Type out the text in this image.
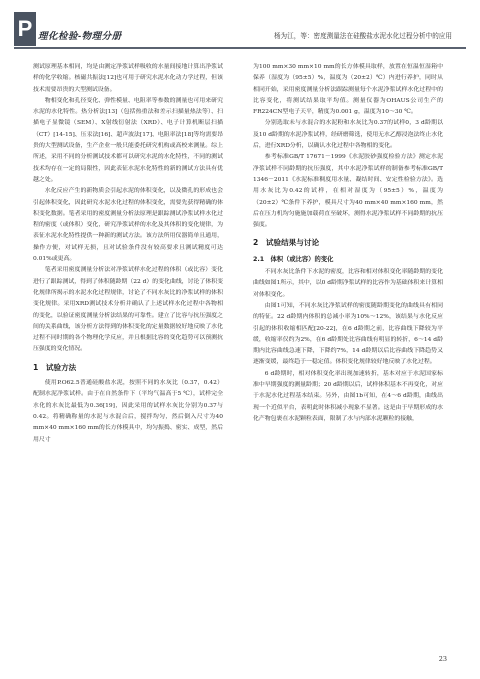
P 理化检验-物理分册	杨为江，等：密度测量法在硅酸盐水泥水化过程分析中的应用

测试原理基本相同，均是由测定净浆试样吸收的水量间接地计算出净浆试样的化学收缩。核磁共振法[12]也可用于研究水泥水化动力学过程，但该技术需要昂贵的大型测试设备。

物相变化和孔径变化、弹性模量、电阻率等参数的测量也可用来研究水泥的水化特性。热分析法[13]（包括热重法和差示扫描量热法等）、扫描电子显微镜（SEM）、X射线衍射法（XRD）、电子计算机断层扫描（CT）[14-15]、压汞法[16]、超声波法[17]、电阻率法[18]等均需要昂贵的大型测试设备，生产企业一般只能委托研究机构或高校来测量。综上所述，采用不同的分析测试技术都可以研究水泥的水化特性，不同的测试技术均存在一定的局限性，因此表征水泥水化特性的新的测试方法具有优越之处。

水化反应产生的新物质会引起水泥的体积变化，以及微孔的形成也会引起体积变化，因此研究水泥水化过程的体积变化，需要先获得精确的体积变化数据。笔者采用的密度测量分析法原理是跟踪测试净浆试样水化过程的密度（或体积）变化，研究净浆试样的水化及其体积的变化规律，为表征水泥水化特性提供一种新的测试方法。该方法所用仪器简单且通用，操作方便，对试样无损，且对试验条件没有较高要求且测试精度可达0.01%或更高。

笔者采用密度测量分析法对净浆试样水化过程的体积（或比容）变化进行了跟踪测试，得到了体积随龄期（22 d）的变化曲线，讨论了体积变化规律所揭示的水泥水化过程规律，讨论了不同水灰比的净浆试样的体积变化规律。采用XRD测试技术分析并确认了上述试样水化过程中各物相的变化，以验证密度测量分析法结果的可靠性。建立了比容与抗压强度之间的关系曲线，该分析方法得到的体积变化的定量数据较好地反映了水化过程不同时期的各个物理化学反应，并且根据比容的变化趋势可以预测抗压强度的变化情况。

1　试验方法

使用P.O62.5普通硅酸盐水泥，按照不同的水灰比（0.37，0.42）配制水泥净浆试样。由于在自然条件下（平均气温高于5 ℃），试样完全水化的水灰比最低为0.36[19]，因此采用的试样水灰比分别为0.37与0.42。将精确称量的水泥与水混合后，搅拌均匀，然后倒入尺寸为40 mm×40 mm×160 mm的长方体模具中，均匀振捣、密实、成型，然后用尺寸

为100 mm×30 mm×10 mm的长方体模具取样，放置在恒温恒湿箱中保养（湿度为（95±5）%，温度为（20±2）℃）内进行养护，同时从相同开始，采用密度测量分析法跟踪测量每个水泥净浆试样水化过程中的比容变化，将测试结果取平均值。测量仪器为OHAUS公司生产的FR224CN型电子天平，精度为0.001 g，温度为10～30 ℃。

分别选取未与水混合的水泥粉和水灰比为0.37的试样0，3 d龄期以及10 d龄期的水泥净浆试样，经研磨筛选，使用无水乙醇浸泡法终止水化后，进行XRD分析，以确认水化过程中各物相的变化。

参考标准GB/T 17671－1999《水泥胶砂强度检验方法》测定水泥净浆试样不同龄期的抗压强度，其中水泥净浆试样的制备参考标准GB/T 1346－2011《水泥标准稠度用水量、凝结时间、安定性检验方法》。选用水灰比为0.42的试样，在相对湿度为（95±5）%，温度为（20±2）℃条件下养护，模具尺寸为40 mm×40 mm×160 mm，然后在压力机均匀施施加载荷直至破坏，测得水泥净浆试样不同龄期的抗压强度。

2　试验结果与讨论
2.1　体积（或比容）的变化

不同水灰比条件下水泥的密度，比容和相对体积变化率随龄期的变化曲线如图1所示，其中，以0 d龄期净浆试样的比容作为基础体积来计算相对体积变化。

由图1可知，不同水灰比净浆试样的密度随龄期变化的曲线具有相同的特征。22 d龄期内体积的总减小率为10%～12%，该结果与水化反应引起的体积收缩相匹配[20-22]，在6 d龄期之前，比容曲线下降较为平缓，收缩率仅约为2%，在6 d龄期处比容曲线有明显的转折，6～14 d龄期内比容曲线急速下降，下降约7%，14 d龄期以后比容曲线下降趋势又逐渐变缓，最终趋于一稳定值。体积变化规律较好地反映了水化过程。

6 d龄期时，相对体积变化率出现加速转折，基本对应于水泥国家标准中早期强度的测量龄期；20 d龄期以后，试样体积基本不再变化，对应于水泥水化过程基本结束。另外，由图1b可知，在4～6 d龄期，曲线出现一个近似平台，表明此时体积减小现象不显著。这是由于早期形成的水化产物包裹在水泥颗粒表面，限制了水与内部水泥颗粒的接触，

23
